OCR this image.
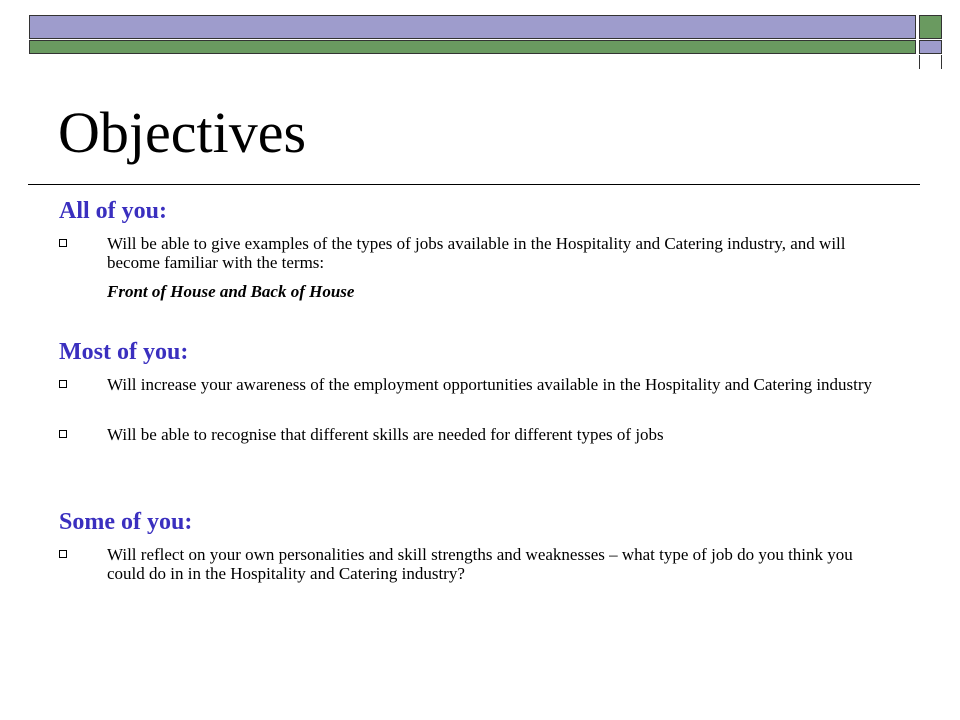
Objectives
All of you:
Will be able to give examples of the types of jobs available in the Hospitality and Catering industry, and will become familiar with the terms:
Front of House and Back of House
Most of you:
Will increase your awareness of the employment opportunities available in the Hospitality and Catering industry
Will be able to recognise that different skills are needed for different types of jobs
Some of you:
Will reflect on your own personalities and skill strengths and weaknesses – what type of job do you think you could do in in the Hospitality and Catering industry?
